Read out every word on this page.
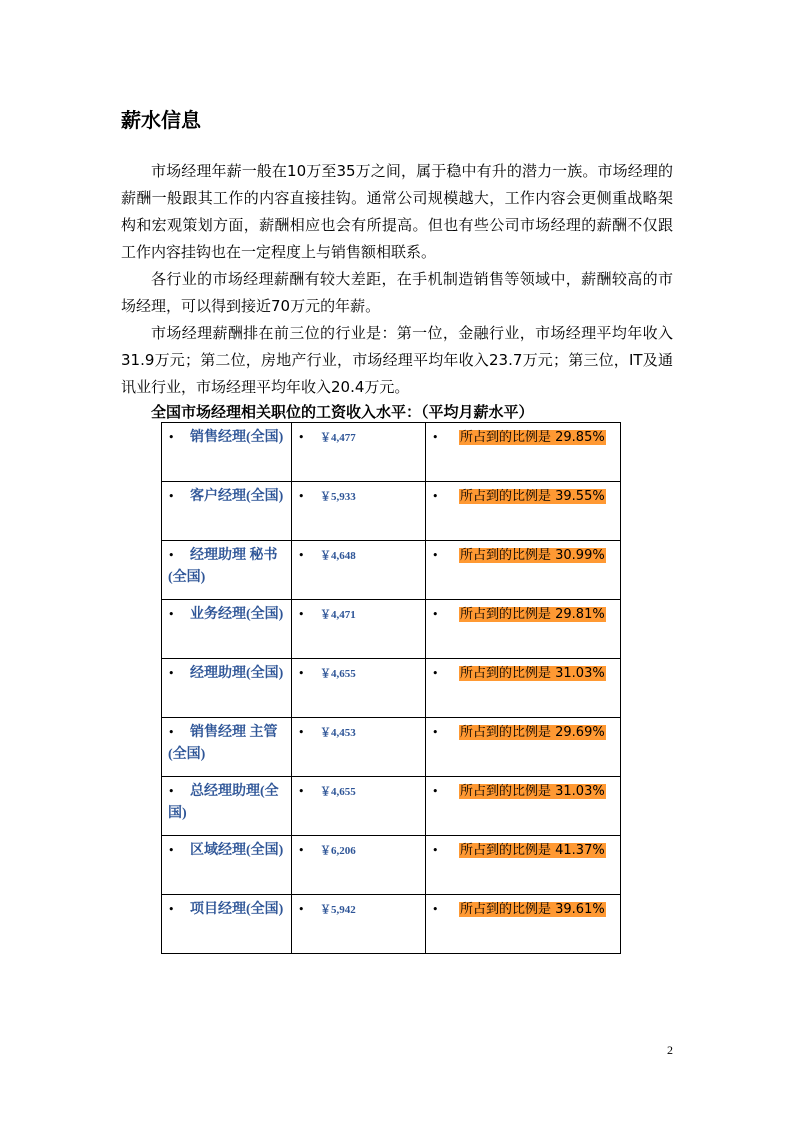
薪水信息

市场经理年薪一般在10万至35万之间，属于稳中有升的潜力一族。市场经理的薪酬一般跟其工作的内容直接挂钩。通常公司规模越大，工作内容会更侧重战略架构和宏观策划方面，薪酬相应也会有所提高。但也有些公司市场经理的薪酬不仅跟工作内容挂钩也在一定程度上与销售额相联系。

各行业的市场经理薪酬有较大差距，在手机制造销售等领域中，薪酬较高的市场经理，可以得到接近70万元的年薪。

市场经理薪酬排在前三位的行业是：第一位，金融行业，市场经理平均年收入31.9万元；第二位，房地产行业，市场经理平均年收入23.7万元；第三位，IT及通讯业行业，市场经理平均年收入20.4万元。

全国市场经理相关职位的工资收入水平：（平均月薪水平）
• 销售经理(全国)	• ￥4,477	• 所占到的比例是 29.85%
• 客户经理(全国)	• ￥5,933	• 所占到的比例是 39.55%
• 经理助理 秘书(全国)	• ￥4,648	• 所占到的比例是 30.99%
• 业务经理(全国)	• ￥4,471	• 所占到的比例是 29.81%
• 经理助理(全国)	• ￥4,655	• 所占到的比例是 31.03%
• 销售经理 主管(全国)	• ￥4,453	• 所占到的比例是 29.69%
• 总经理助理(全国)	• ￥4,655	• 所占到的比例是 31.03%
• 区域经理(全国)	• ￥6,206	• 所占到的比例是 41.37%
• 项目经理(全国)	• ￥5,942	• 所占到的比例是 39.61%
2
